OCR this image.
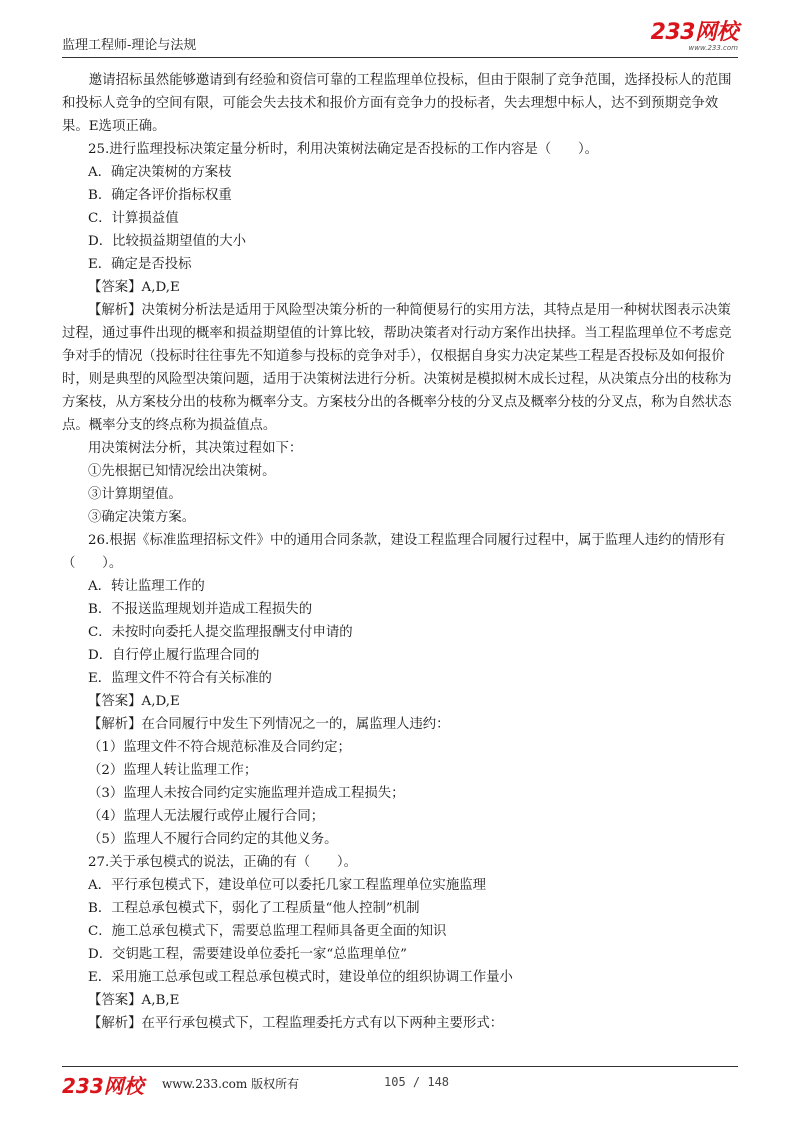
监理工程师-理论与法规
233网校
www.233.com

邀请招标虽然能够邀请到有经验和资信可靠的工程监理单位投标，但由于限制了竞争范围，选择投标人的范围和投标人竞争的空间有限，可能会失去技术和报价方面有竞争力的投标者，失去理想中标人，达不到预期竞争效果。E选项正确。

25.进行监理投标决策定量分析时，利用决策树法确定是否投标的工作内容是（　　）。

A．确定决策树的方案枝

B．确定各评价指标权重

C．计算损益值

D．比较损益期望值的大小

E．确定是否投标

【答案】A,D,E

【解析】决策树分析法是适用于风险型决策分析的一种简便易行的实用方法，其特点是用一种树状图表示决策过程，通过事件出现的概率和损益期望值的计算比较，帮助决策者对行动方案作出抉择。当工程监理单位不考虑竞争对手的情况（投标时往往事先不知道参与投标的竞争对手），仅根据自身实力决定某些工程是否投标及如何报价时，则是典型的风险型决策问题，适用于决策树法进行分析。决策树是模拟树木成长过程，从决策点分出的枝称为方案枝，从方案枝分出的枝称为概率分支。方案枝分出的各概率分枝的分叉点及概率分枝的分叉点，称为自然状态点。概率分支的终点称为损益值点。

用决策树法分析，其决策过程如下：

①先根据已知情况绘出决策树。

③计算期望值。

③确定决策方案。

26.根据《标准监理招标文件》中的通用合同条款，建设工程监理合同履行过程中，属于监理人违约的情形有（　　）。

A．转让监理工作的

B．不报送监理规划并造成工程损失的

C．未按时向委托人提交监理报酬支付申请的

D．自行停止履行监理合同的

E．监理文件不符合有关标准的

【答案】A,D,E

【解析】在合同履行中发生下列情况之一的，属监理人违约：

（1）监理文件不符合规范标准及合同约定；

（2）监理人转让监理工作；

（3）监理人未按合同约定实施监理并造成工程损失；

（4）监理人无法履行或停止履行合同；

（5）监理人不履行合同约定的其他义务。

27.关于承包模式的说法，正确的有（　　）。

A．平行承包模式下，建设单位可以委托几家工程监理单位实施监理

B．工程总承包模式下，弱化了工程质量“他人控制”机制

C．施工总承包模式下，需要总监理工程师具备更全面的知识

D．交钥匙工程，需要建设单位委托一家“总监理单位”

E．采用施工总承包或工程总承包模式时，建设单位的组织协调工作量小

【答案】A,B,E

【解析】在平行承包模式下，工程监理委托方式有以下两种主要形式：

233网校 www.233.com 版权所有	105 / 148
